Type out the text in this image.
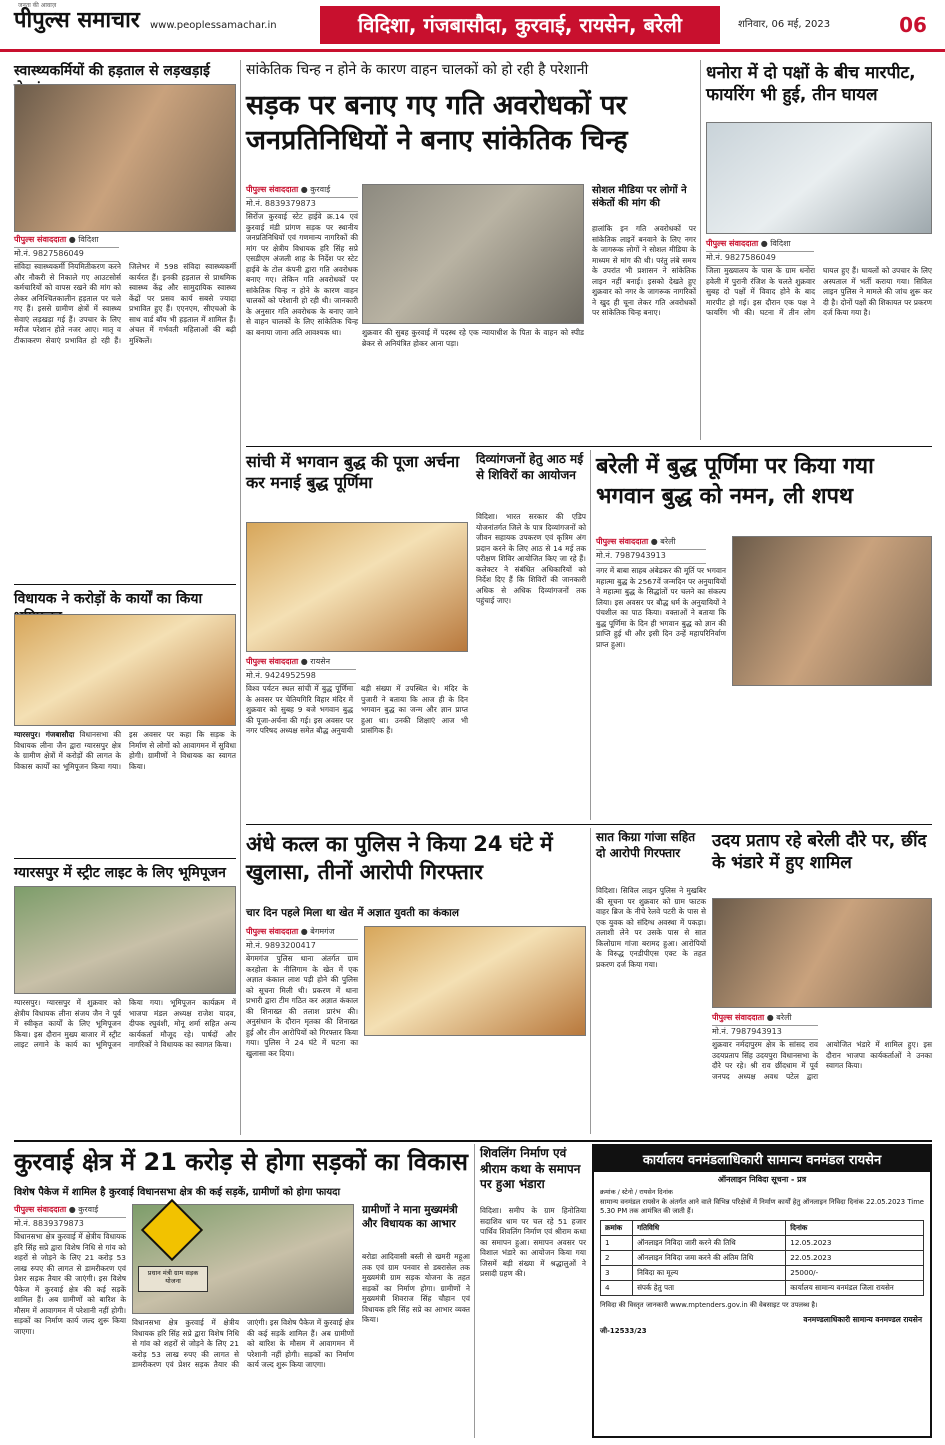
जनता की आवाज़
पीपुल्स समाचार www.peoplessamachar.in	विदिशा, गंजबासौदा, कुरवाई, रायसेन, बरेली	शनिवार, 06 मई, 2023	06
स्वास्थ्यकर्मियों की हड़ताल से लड़खड़ाई
पीपुल्स संवाददाता ● विदिशा
मो.नं. 9827586049
संविदा स्वास्थ्यकर्मी नियमितीकरण करने और नौकरी से निकाले गए आउटसोर्स कर्मचारियों को वापस रखने की मांग को लेकर अनिश्चितकालीन हड़ताल पर चले गए हैं। इससे ग्रामीण क्षेत्रों में स्वास्थ्य सेवाएं लड़खड़ा गई हैं। उपचार के लिए मरीज परेशान होते नजर आए। मातृ व टीकाकरण सेवाएं प्रभावित हो रही हैं। जिलेभर में 598 संविदा स्वास्थ्यकर्मी कार्यरत हैं। इनकी हड़ताल से प्राथमिक स्वास्थ्य केंद्र और सामुदायिक स्वास्थ्य केंद्रों पर प्रसव कार्य सबसे ज्यादा प्रभावित हुए हैं। एएनएम, सीएचओ के साथ वार्ड बॉय भी हड़ताल में शामिल हैं। अंचल में गर्भवती महिलाओं की बढ़ी मुश्किलें।
विधायक ने करोड़ों के कार्यों का किया
ग्यारसपुर। गंजबासौदा विधानसभा की विधायक लीना जैन द्वारा ग्यारसपुर क्षेत्र के ग्रामीण क्षेत्रों में करोड़ों की लागत के विकास कार्यों का भूमिपूजन किया गया। इस अवसर पर कहा कि सड़क के निर्माण से लोगों को आवागमन में सुविधा होगी। ग्रामीणों ने विधायक का स्वागत किया।
ग्यारसपुर में स्ट्रीट लाइट के लिए भूमिपूजन
ग्यारसपुर। ग्यारसपुर में शुक्रवार को क्षेत्रीय विधायक लीना संजय जैन ने पूर्व में स्वीकृत कार्यों के लिए भूमिपूजन किया। इस दौरान मुख्य बाजार में स्ट्रीट लाइट लगाने के कार्य का भूमिपूजन किया गया। भूमिपूजन कार्यक्रम में भाजपा मंडल अध्यक्ष राजेश यादव, दीपक रघुवंशी, मोनू शर्मा सहित अन्य कार्यकर्ता मौजूद रहे। पार्षदों और नागरिकों ने विधायक का स्वागत किया।
सांकेतिक चिन्ह न होने के कारण वाहन चालकों को हो रही है परेशानी
सड़क पर बनाए गए गति अवरोधकों पर जनप्रतिनिधियों ने बनाए सांकेतिक चिन्ह
पीपुल्स संवाददाता ● कुरवाई
मो.नं. 8839379873
सिरोंज कुरवाई स्टेट हाईवे क्र.14 एवं कुरवाई मंडी प्रांगण सड़क पर स्थानीय जनप्रतिनिधियों एवं गणमान्य नागरिकों की मांग पर क्षेत्रीय विधायक हरि सिंह सप्रे एसडीएम अंजली शाह के निर्देश पर स्टेट हाईवे के टोल कंपनी द्वारा गति अवरोधक बनाए गए। लेकिन गति अवरोधकों पर सांकेतिक चिन्ह न होने के कारण वाहन चालकों को परेशानी हो रही थी। जानकारी के अनुसार गति अवरोधक के बनाए जाने से वाहन चालकों के लिए सांकेतिक चिन्ह का बनाया जाना अति आवश्यक था।	शुक्रवार की सुबह कुरवाई में पदस्थ रहे एक न्यायाधीश के पिता के वाहन को स्पीड ब्रेकर से अनियंत्रित होकर आना पड़ा।
सोशल मीडिया पर लोगों ने संकेतों की मांग की
हालांकि इन गति अवरोधकों पर सांकेतिक लाइनें बनवाने के लिए नगर के जागरूक लोगों ने सोशल मीडिया के माध्यम से मांग की थी। परंतु लंबे समय के उपरांत भी प्रशासन ने सांकेतिक लाइन नहीं बनाई। इसको देखते हुए शुक्रवार को नगर के जागरूक नागरिकों ने खुद ही चूना लेकर गति अवरोधकों पर सांकेतिक चिन्ह बनाए।
धनोरा में दो पक्षों के बीच मारपीट, फायरिंग भी हुई, तीन घायल
पीपुल्स संवाददाता ● विदिशा
मो.नं. 9827586049
जिला मुख्यालय के पास के ग्राम धनोरा हवेली में पुरानी रंजिश के चलते शुक्रवार सुबह दो पक्षों में विवाद होने के बाद मारपीट हो गई। इस दौरान एक पक्ष ने फायरिंग भी की। घटना में तीन लोग घायल हुए हैं। घायलों को उपचार के लिए अस्पताल में भर्ती कराया गया। सिविल लाइन पुलिस ने मामले की जांच शुरू कर दी है। दोनों पक्षों की शिकायत पर प्रकरण दर्ज किया गया है।
सांची में भगवान बुद्ध की पूजा अर्चना कर मनाई बुद्ध पूर्णिमा
पीपुल्स संवाददाता ● रायसेन
मो.नं. 9424952598
विश्व पर्यटन स्थल सांची में बुद्ध पूर्णिमा के अवसर पर चेतियगिरि विहार मंदिर में शुक्रवार को सुबह 9 बजे भगवान बुद्ध की पूजा-अर्चना की गई। इस अवसर पर नगर परिषद अध्यक्ष समेत बौद्ध अनुयायी बड़ी संख्या में उपस्थित थे। मंदिर के पुजारी ने बताया कि आज ही के दिन भगवान बुद्ध का जन्म और ज्ञान प्राप्त हुआ था। उनकी शिक्षाएं आज भी प्रासंगिक हैं।
दिव्यांगजनों हेतु आठ मई से शिविरों का आयोजन
विदिशा। भारत सरकार की एडिप योजनांतर्गत जिले के पात्र दिव्यांगजनों को जीवन सहायक उपकरण एवं कृत्रिम अंग प्रदान करने के लिए आठ से 14 मई तक परीक्षण शिविर आयोजित किए जा रहे हैं। कलेक्टर ने संबंधित अधिकारियों को निर्देश दिए हैं कि शिविरों की जानकारी अधिक से अधिक दिव्यांगजनों तक पहुंचाई जाए।
बरेली में बुद्ध पूर्णिमा पर किया गया भगवान बुद्ध को नमन, ली शपथ
पीपुल्स संवाददाता ● बरेली
मो.नं. 7987943913
नगर में बाबा साहब अंबेडकर की मूर्ति पर भगवान महात्मा बुद्ध के 2567वें जन्मदिन पर अनुयायियों ने महात्मा बुद्ध के सिद्धांतों पर चलने का संकल्प लिया। इस अवसर पर बौद्ध धर्म के अनुयायियों ने पंचशील का पाठ किया। वक्ताओं ने बताया कि बुद्ध पूर्णिमा के दिन ही भगवान बुद्ध को ज्ञान की प्राप्ति हुई थी और इसी दिन उन्हें महापरिनिर्वाण प्राप्त हुआ।
अंधे कत्ल का पुलिस ने किया 24 घंटे में खुलासा, तीनों आरोपी गिरफ्तार
चार दिन पहले मिला था खेत में अज्ञात युवती का कंकाल
पीपुल्स संवाददाता ● बेगमगंज
मो.नं. 9893200417
बेगमगंज पुलिस थाना अंतर्गत ग्राम करहोला के नीलिगाम के खेत में एक अज्ञात कंकाल लाश पड़ी होने की पुलिस को सूचना मिली थी। प्रकरण में थाना प्रभारी द्वारा टीम गठित कर अज्ञात कंकाल की शिनाख्त की तलाश प्रारंभ की। अनुसंधान के दौरान मृतका की शिनाख्त हुई और तीन आरोपियों को गिरफ्तार किया गया। पुलिस ने 24 घंटे में घटना का खुलासा कर दिया।
सात किग्रा गांजा सहित दो आरोपी गिरफ्तार
विदिशा। सिविल लाइन पुलिस ने मुखबिर की सूचना पर शुक्रवार को ग्राम फाटक वाहर ब्रिज के नीचे रेलवे पटरी के पास से एक युवक को संदिग्ध अवस्था में पकड़ा। तलाशी लेने पर उसके पास से सात किलोग्राम गांजा बरामद हुआ। आरोपियों के विरुद्ध एनडीपीएस एक्ट के तहत प्रकरण दर्ज किया गया।
उदय प्रताप रहे बरेली दौरे पर, छींद के भंडारे में हुए शामिल
पीपुल्स संवाददाता ● बरेली
मो.नं. 7987943913
शुक्रवार नर्मदापुरम क्षेत्र के सांसद राव उदयप्रताप सिंह उदयपुरा विधानसभा के दौरे पर रहे। श्री राव छींदधाम में पूर्व जनपद अध्यक्ष अवध पटेल द्वारा आयोजित भंडारे में शामिल हुए। इस दौरान भाजपा कार्यकर्ताओं ने उनका स्वागत किया।
कुरवाई क्षेत्र में 21 करोड़ से होगा सड़कों का विकास
विशेष पैकेज में शामिल है कुरवाई विधानसभा क्षेत्र की कई सड़कें, ग्रामीणों को होगा फायदा
पीपुल्स संवाददाता ● कुरवाई
मो.नं. 8839379873
विधानसभा क्षेत्र कुरवाई में क्षेत्रीय विधायक हरि सिंह सप्रे द्वारा विशेष निधि से गांव को शहरों से जोड़ने के लिए 21 करोड़ 53 लाख रुपए की लागत से डामरीकरण एवं प्रेशर सड़क तैयार की जाएंगी। इस विशेष पैकेज में कुरवाई क्षेत्र की कई सड़कें शामिल हैं। अब ग्रामीणों को बारिश के मौसम में आवागमन में परेशानी नहीं होगी। सड़कों का निर्माण कार्य जल्द शुरू किया जाएगा।
प्रधान मंत्री ग्राम सड़क योजना
विधानसभा क्षेत्र कुरवाई में क्षेत्रीय विधायक हरि सिंह सप्रे द्वारा विशेष निधि से गांव को शहरों से जोड़ने के लिए 21 करोड़ 53 लाख रुपए की लागत से डामरीकरण एवं प्रेशर सड़क तैयार की जाएंगी। इस विशेष पैकेज में कुरवाई क्षेत्र की कई सड़कें शामिल हैं। अब ग्रामीणों को बारिश के मौसम में आवागमन में परेशानी नहीं होगी। सड़कों का निर्माण कार्य जल्द शुरू किया जाएगा।
ग्रामीणों ने माना मुख्यमंत्री और विधायक का आभार
बरोडा आदिवासी बस्ती से खमरी महूआ तक एवं ग्राम पनवार से डबरासेल तक मुख्यमंत्री ग्राम सड़क योजना के तहत सड़कों का निर्माण होगा। ग्रामीणों ने मुख्यमंत्री शिवराज सिंह चौहान एवं विधायक हरि सिंह सप्रे का आभार व्यक्त किया।
शिवलिंग निर्माण एवं श्रीराम कथा के समापन पर हुआ भंडारा
विदिशा। समीप के ग्राम हिनोतिया सदाशिव धाम पर चल रहे 51 हजार पार्थिव शिवलिंग निर्माण एवं श्रीराम कथा का समापन हुआ। समापन अवसर पर विशाल भंडारे का आयोजन किया गया जिसमें बड़ी संख्या में श्रद्धालुओं ने प्रसादी ग्रहण की।
कार्यालय वनमंडलाधिकारी सामान्य वनमंडल रायसेन
ऑनलाइन निविदा सूचना - प्रत्र
क्रमांक / स्टेनो / रायसेन दिनांक
सामान्य वनमंडल रायसेन के अंतर्गत आने वाले विभिन्न परिक्षेत्रों में निर्माण कार्यों हेतु ऑनलाइन निविदा दिनांक 22.05.2023 Time 5.30 PM तक आमंत्रित की जाती हैं।
क्रमांक	गतिविधि	दिनांक
1	ऑनलाइन निविदा जारी करने की तिथि	12.05.2023
2	ऑनलाइन निविदा जमा करने की अंतिम तिथि	22.05.2023
3	निविदा का मूल्य	25000/-
4	संपर्क हेतु पता	कार्यालय सामान्य वनमंडल जिला रायसेन
निविदा की विस्तृत जानकारी www.mptenders.gov.in की वेबसाइट पर उपलब्ध है।
वनमण्डलाधिकारी सामान्य वनमण्डल रायसेन
जी-12533/23
